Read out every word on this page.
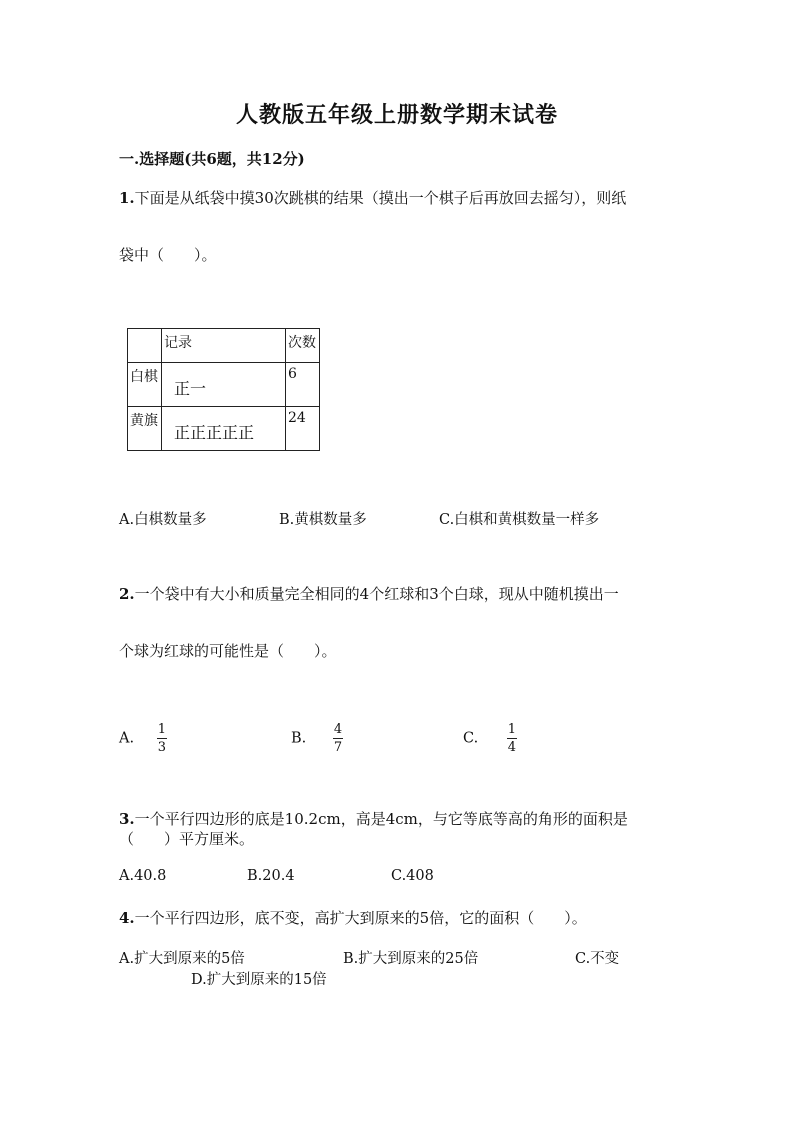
人教版五年级上册数学期末试卷
一.选择题(共6题，共12分)
1.下面是从纸袋中摸30次跳棋的结果（摸出一个棋子后再放回去摇匀），则纸
袋中（　　）。
	记录	次数
白棋	正一	6
黄旗	正正正正正	24
A.白棋数量多	B.黄棋数量多	C.白棋和黄棋数量一样多
2.一个袋中有大小和质量完全相同的4个红球和3个白球，现从中随机摸出一
个球为红球的可能性是（　　）。
A. $\frac{1}{3}$	B. $\frac{4}{7}$	C. $\frac{1}{4}$
3.一个平行四边形的底是10.2cm，高是4cm，与它等底等高的角形的面积是
（　　）平方厘米。
A.40.8	B.20.4	C.408
4.一个平行四边形，底不变，高扩大到原来的5倍，它的面积（　　）。
A.扩大到原来的5倍	B.扩大到原来的25倍	C.不变
D.扩大到原来的15倍
